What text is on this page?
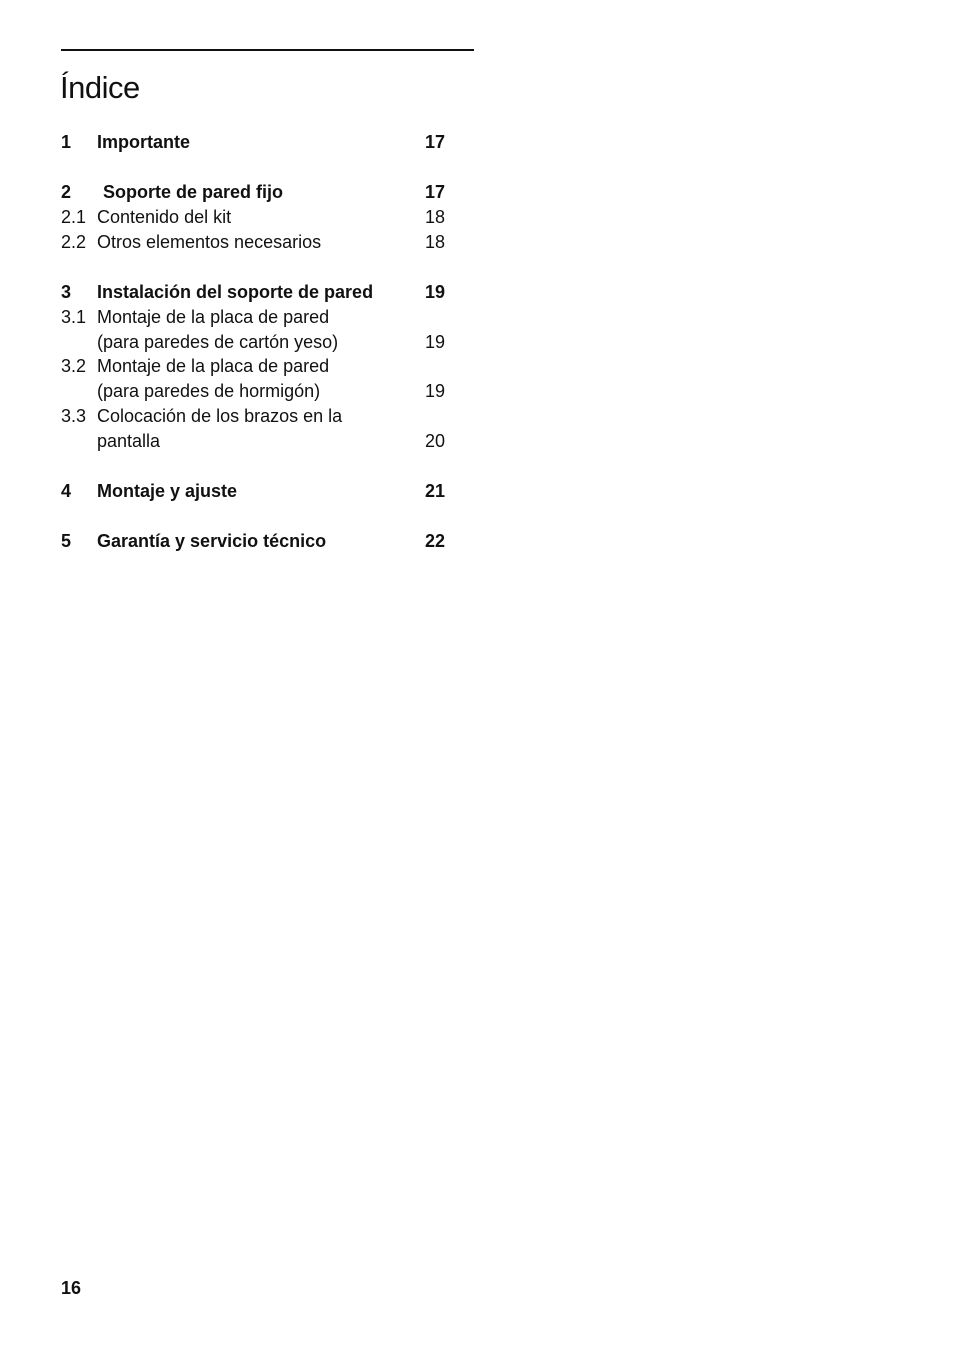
Índice
1 Importante	17
2 Soporte de pared fijo	17
2.1 Contenido del kit	18
2.2 Otros elementos necesarios	18
3 Instalación del soporte de pared	19
3.1 Montaje de la placa de pared
(para paredes de cartón yeso)	19
3.2 Montaje de la placa de pared
(para paredes de hormigón)	19
3.3 Colocación de los brazos en la
pantalla	20
4 Montaje y ajuste	21
5 Garantía y servicio técnico	22
16
